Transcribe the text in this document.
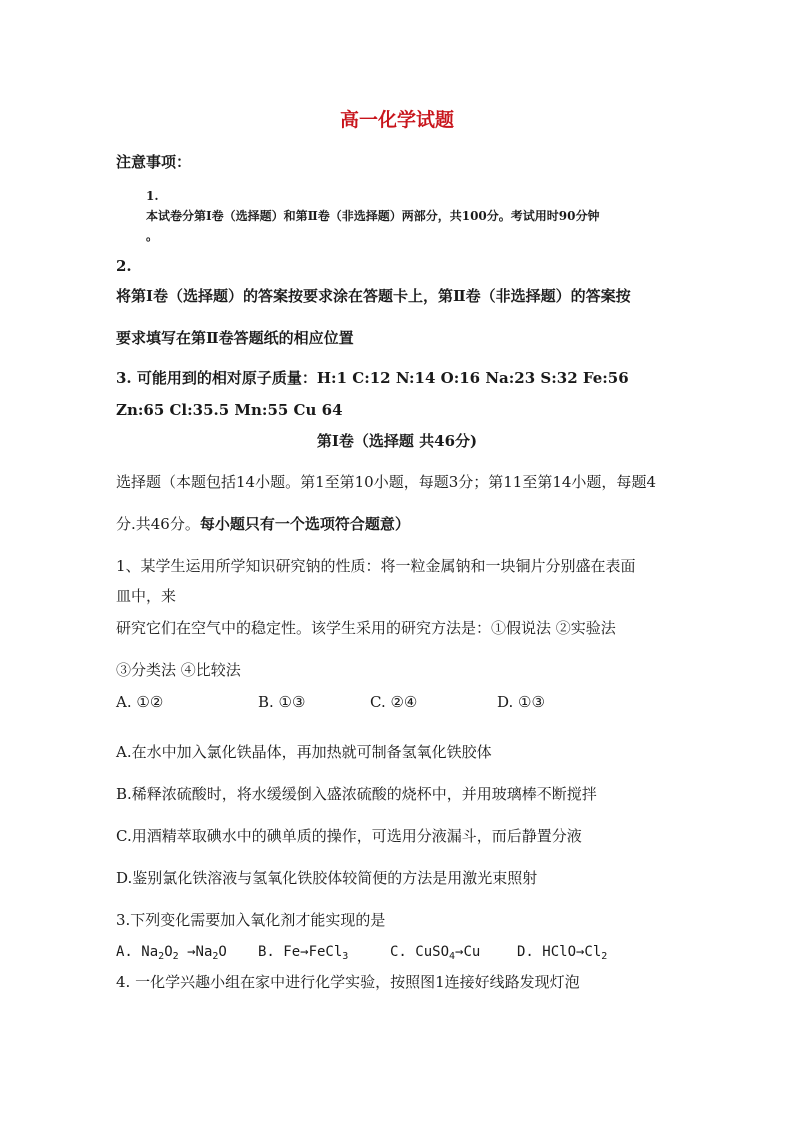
高一化学试题
注意事项：
1.
本试卷分第Ⅰ卷（选择题）和第Ⅱ卷（非选择题）两部分，共100分。考试用时90分钟
。
2.
将第Ⅰ卷（选择题）的答案按要求涂在答题卡上，第Ⅱ卷（非选择题）的答案按
要求填写在第Ⅱ卷答题纸的相应位置
3. 可能用到的相对原子质量：H:1 C:12 N:14 O:16 Na:23 S:32 Fe:56
Zn:65 Cl:35.5 Mn:55 Cu 64
第Ⅰ卷（选择题 共46分)
选择题（本题包括14小题。第1至第10小题，每题3分；第11至第14小题，每题4
分.共46分。每小题只有一个选项符合题意）
1、某学生运用所学知识研究钠的性质：将一粒金属钠和一块铜片分别盛在表面
皿中，来
研究它们在空气中的稳定性。该学生采用的研究方法是：①假说法 ②实验法
③分类法 ④比较法
A. ①②	B. ①③	C. ②④	D. ①③
A.在水中加入氯化铁晶体，再加热就可制备氢氧化铁胶体
B.稀释浓硫酸时，将水缓缓倒入盛浓硫酸的烧杯中，并用玻璃棒不断搅拌
C.用酒精萃取碘水中的碘单质的操作，可选用分液漏斗，而后静置分液
D.鉴别氯化铁溶液与氢氧化铁胶体较简便的方法是用激光束照射
3.下列变化需要加入氧化剂才能实现的是
A. $Na_2O_2 \to Na_2O$ B. Fe→FeCl$_3$	C. CuSO$_4$→Cu	D. $HClO\to Cl_2$
4. 一化学兴趣小组在家中进行化学实验，按照图1连接好线路发现灯泡
